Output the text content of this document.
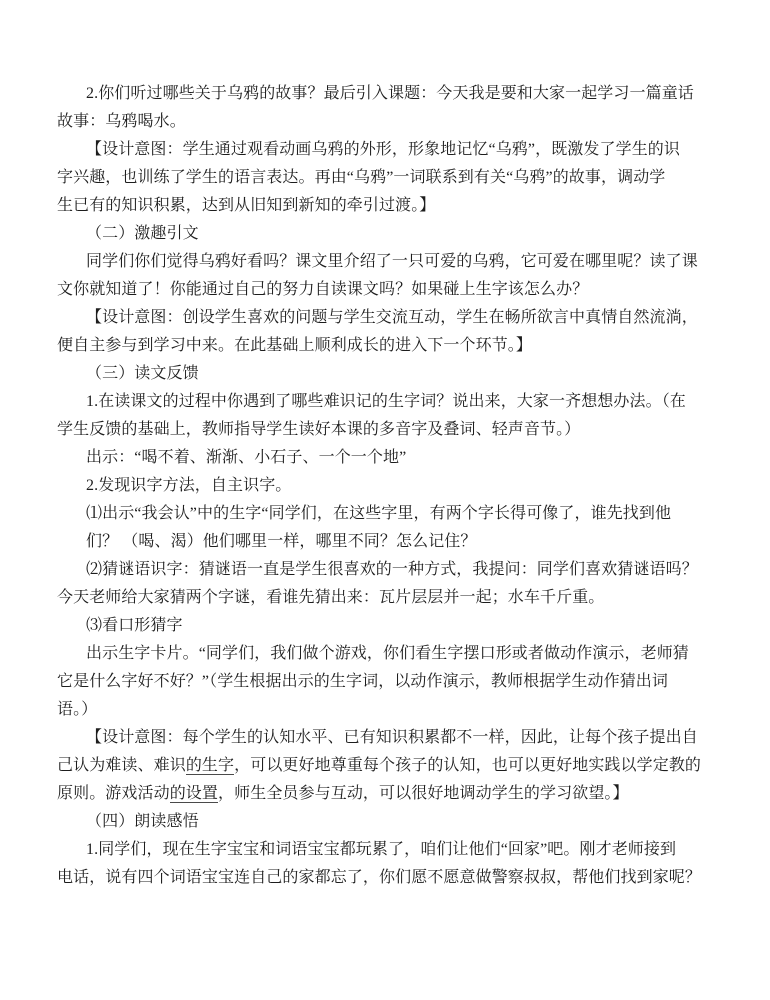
2.你们听过哪些关于乌鸦的故事？最后引入课题：今天我是要和大家一起学习一篇童话
故事：乌鸦喝水。
【设计意图：学生通过观看动画乌鸦的外形，形象地记忆“乌鸦”，既激发了学生的识
字兴趣，也训练了学生的语言表达。再由“乌鸦”一词联系到有关“乌鸦”的故事，调动学
生已有的知识积累，达到从旧知到新知的牵引过渡。】
（二）激趣引文
同学们你们觉得乌鸦好看吗？课文里介绍了一只可爱的乌鸦，它可爱在哪里呢？读了课
文你就知道了！你能通过自己的努力自读课文吗？如果碰上生字该怎么办？
【设计意图：创设学生喜欢的问题与学生交流互动，学生在畅所欲言中真情自然流淌，
便自主参与到学习中来。在此基础上顺利成长的进入下一个环节。】
（三）读文反馈
1.在读课文的过程中你遇到了哪些难识记的生字词？说出来，大家一齐想想办法。（在
学生反馈的基础上，教师指导学生读好本课的多音字及叠词、轻声音节。）
出示：“喝不着、渐渐、小石子、一个一个地”
2.发现识字方法，自主识字。
⑴出示“我会认”中的生字“同学们，在这些字里，有两个字长得可像了，谁先找到他
们？ （喝、渴）他们哪里一样，哪里不同？怎么记住？
⑵猜谜语识字：猜谜语一直是学生很喜欢的一种方式，我提问：同学们喜欢猜谜语吗？
今天老师给大家猜两个字谜，看谁先猜出来：瓦片层层并一起；水车千斤重。
⑶看口形猜字
出示生字卡片。“同学们，我们做个游戏，你们看生字摆口形或者做动作演示，老师猜
它是什么字好不好？”（学生根据出示的生字词，以动作演示，教师根据学生动作猜出词
语。）
【设计意图：每个学生的认知水平、已有知识积累都不一样，因此，让每个孩子提出自
己认为难读、难识的生字，可以更好地尊重每个孩子的认知，也可以更好地实践以学定教的
原则。游戏活动的设置，师生全员参与互动，可以很好地调动学生的学习欲望。】
（四）朗读感悟
1.同学们，现在生字宝宝和词语宝宝都玩累了，咱们让他们“回家”吧。刚才老师接到
电话，说有四个词语宝宝连自己的家都忘了，你们愿不愿意做警察叔叔，帮他们找到家呢？
